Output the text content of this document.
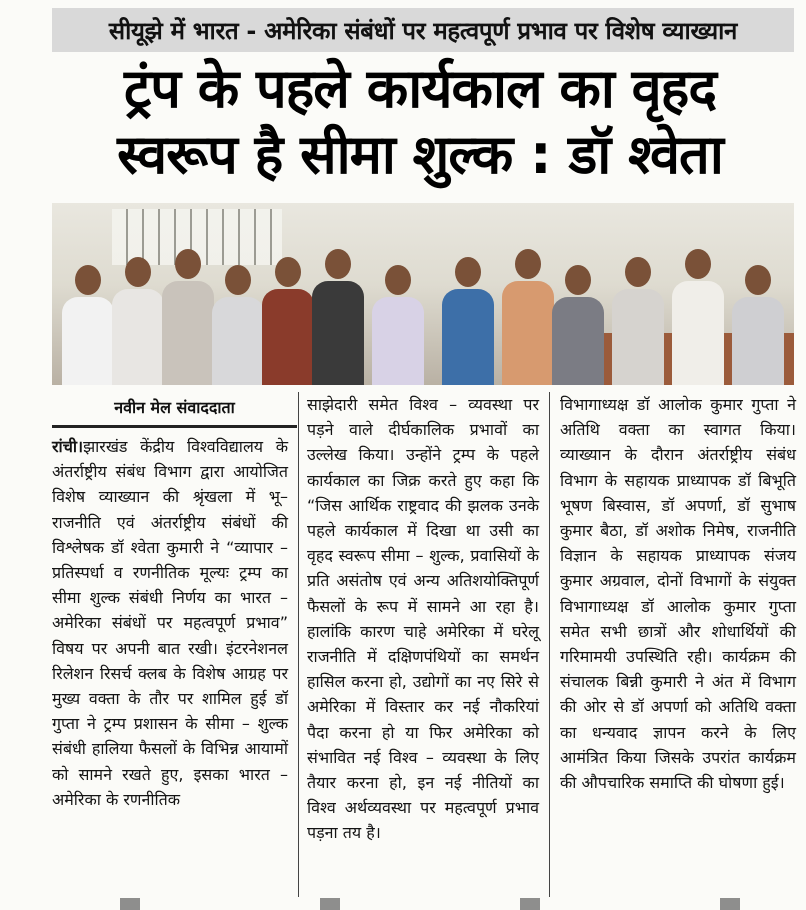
सीयूझे में भारत - अमेरिका संबंधों पर महत्वपूर्ण प्रभाव पर विशेष व्याख्यान
ट्रंप के पहले कार्यकाल का वृहद
स्वरूप है सीमा शुल्क : डॉ श्वेता
नवीन मेल संवाददाता
रांची।झारखंड केंद्रीय विश्वविद्यालय के अंतर्राष्ट्रीय संबंध विभाग द्वारा आयोजित विशेष व्याख्यान की श्रृंखला में भू–राजनीति एवं अंतर्राष्ट्रीय संबंधों की विश्लेषक डॉ श्वेता कुमारी ने “व्यापार – प्रतिस्पर्धा व रणनीतिक मूल्यः ट्रम्प का सीमा शुल्क संबंधी निर्णय का भारत – अमेरिका संबंधों पर महत्वपूर्ण प्रभाव” विषय पर अपनी बात रखी। इंटरनेशनल रिलेशन रिसर्च क्लब के विशेष आग्रह पर मुख्य वक्ता के तौर पर शामिल हुई डॉ गुप्ता ने ट्रम्प प्रशासन के सीमा – शुल्क संबंधी हालिया फैसलों के विभिन्न आयामों को सामने रखते हुए, इसका भारत – अमेरिका के रणनीतिक
साझेदारी समेत विश्व – व्यवस्था पर पड़ने वाले दीर्घकालिक प्रभावों का उल्लेख किया। उन्होंने ट्रम्प के पहले कार्यकाल का जिक्र करते हुए कहा कि “जिस आर्थिक राष्ट्रवाद की झलक उनके पहले कार्यकाल में दिखा था उसी का वृहद स्वरूप सीमा – शुल्क, प्रवासियों के प्रति असंतोष एवं अन्य अतिशयोक्तिपूर्ण फैसलों के रूप में सामने आ रहा है। हालांकि कारण चाहे अमेरिका में घरेलू राजनीति में दक्षिणपंथियों का समर्थन हासिल करना हो, उद्योगों का नए सिरे से अमेरिका में विस्तार कर नई नौकरियां पैदा करना हो या फिर अमेरिका को संभावित नई विश्व – व्यवस्था के लिए तैयार करना हो, इन नई नीतियों का विश्व अर्थव्यवस्था पर महत्वपूर्ण प्रभाव पड़ना तय है।
विभागाध्यक्ष डॉ आलोक कुमार गुप्ता ने अतिथि वक्ता का स्वागत किया। व्याख्यान के दौरान अंतर्राष्ट्रीय संबंध विभाग के सहायक प्राध्यापक डॉ बिभूति भूषण बिस्वास, डॉ अपर्णा, डॉ सुभाष कुमार बैठा, डॉ अशोक निमेष, राजनीति विज्ञान के सहायक प्राध्यापक संजय कुमार अग्रवाल, दोनों विभागों के संयुक्त विभागाध्यक्ष डॉ आलोक कुमार गुप्ता समेत सभी छात्रों और शोधार्थियों की गरिमामयी उपस्थिति रही। कार्यक्रम की संचालक बिन्नी कुमारी ने अंत में विभाग की ओर से डॉ अपर्णा को अतिथि वक्ता का धन्यवाद ज्ञापन करने के लिए आमंत्रित किया जिसके उपरांत कार्यक्रम की औपचारिक समाप्ति की घोषणा हुई।
